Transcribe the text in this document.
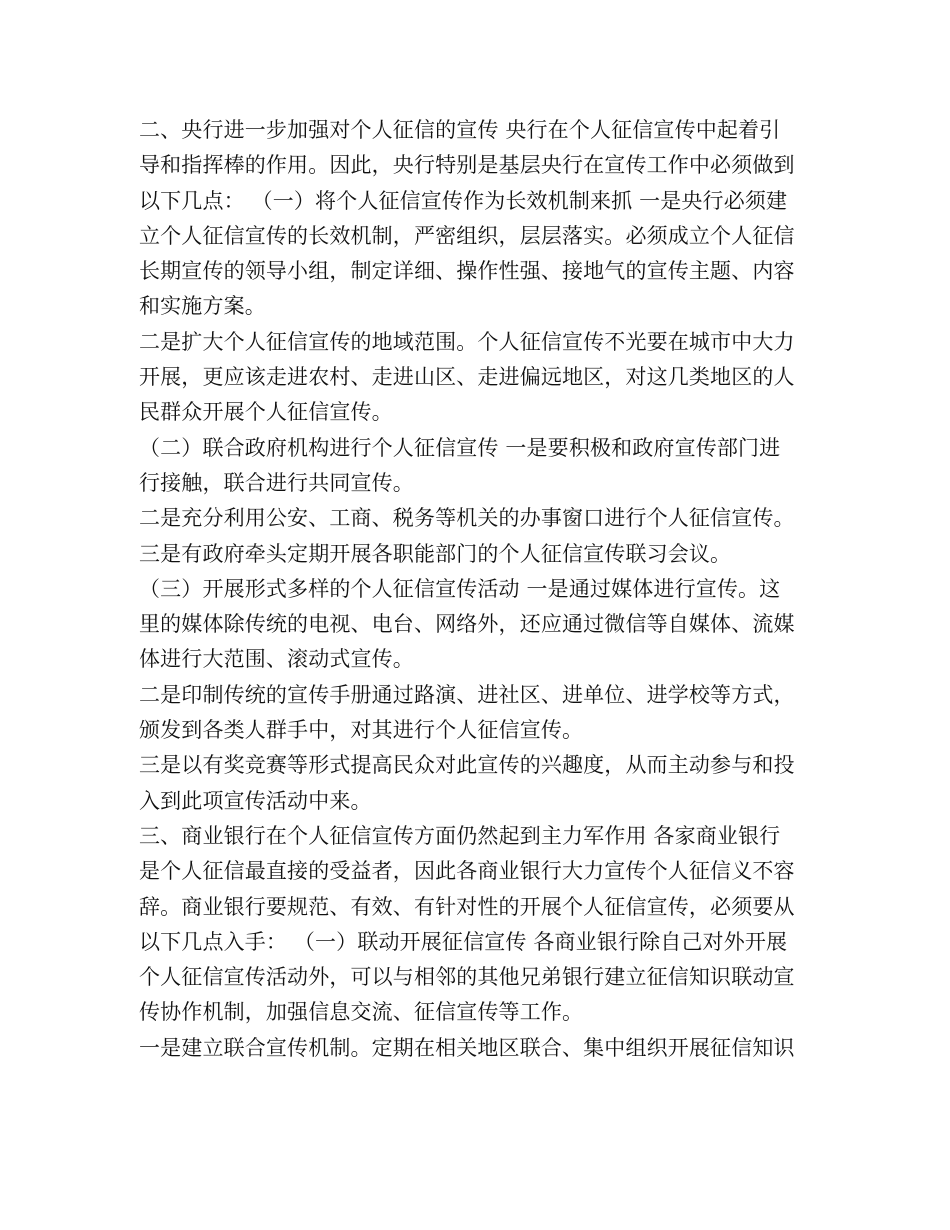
二、央行进一步加强对个人征信的宣传 央行在个人征信宣传中起着引
导和指挥棒的作用。因此，央行特别是基层央行在宣传工作中必须做到
以下几点： （一）将个人征信宣传作为长效机制来抓 一是央行必须建
立个人征信宣传的长效机制，严密组织，层层落实。必须成立个人征信
长期宣传的领导小组，制定详细、操作性强、接地气的宣传主题、内容
和实施方案。
二是扩大个人征信宣传的地域范围。个人征信宣传不光要在城市中大力
开展，更应该走进农村、走进山区、走进偏远地区，对这几类地区的人
民群众开展个人征信宣传。
（二）联合政府机构进行个人征信宣传 一是要积极和政府宣传部门进
行接触，联合进行共同宣传。
二是充分利用公安、工商、税务等机关的办事窗口进行个人征信宣传。
三是有政府牵头定期开展各职能部门的个人征信宣传联习会议。
（三）开展形式多样的个人征信宣传活动 一是通过媒体进行宣传。这
里的媒体除传统的电视、电台、网络外，还应通过微信等自媒体、流媒
体进行大范围、滚动式宣传。
二是印制传统的宣传手册通过路演、进社区、进单位、进学校等方式，
颁发到各类人群手中，对其进行个人征信宣传。
三是以有奖竞赛等形式提高民众对此宣传的兴趣度，从而主动参与和投
入到此项宣传活动中来。
三、商业银行在个人征信宣传方面仍然起到主力军作用 各家商业银行
是个人征信最直接的受益者，因此各商业银行大力宣传个人征信义不容
辞。商业银行要规范、有效、有针对性的开展个人征信宣传，必须要从
以下几点入手： （一）联动开展征信宣传 各商业银行除自己对外开展
个人征信宣传活动外，可以与相邻的其他兄弟银行建立征信知识联动宣
传协作机制，加强信息交流、征信宣传等工作。
一是建立联合宣传机制。定期在相关地区联合、集中组织开展征信知识
